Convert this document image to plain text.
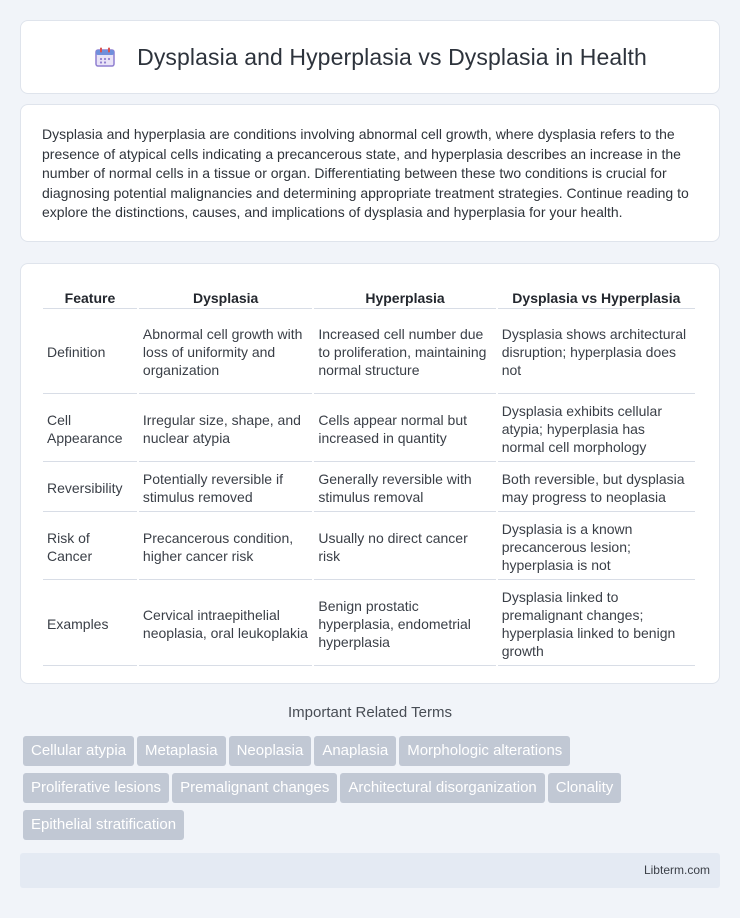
Dysplasia and Hyperplasia vs Dysplasia in Health

Dysplasia and hyperplasia are conditions involving abnormal cell growth, where dysplasia refers to the presence of atypical cells indicating a precancerous state, and hyperplasia describes an increase in the number of normal cells in a tissue or organ. Differentiating between these two conditions is crucial for diagnosing potential malignancies and determining appropriate treatment strategies. Continue reading to explore the distinctions, causes, and implications of dysplasia and hyperplasia for your health.

Feature	Dysplasia	Hyperplasia	Dysplasia vs Hyperplasia
Definition	Abnormal cell growth with loss of uniformity and organization	Increased cell number due to proliferation, maintaining normal structure	Dysplasia shows architectural disruption; hyperplasia does not
Cell Appearance	Irregular size, shape, and nuclear atypia	Cells appear normal but increased in quantity	Dysplasia exhibits cellular atypia; hyperplasia has normal cell morphology
Reversibility	Potentially reversible if stimulus removed	Generally reversible with stimulus removal	Both reversible, but dysplasia may progress to neoplasia
Risk of Cancer	Precancerous condition, higher cancer risk	Usually no direct cancer risk	Dysplasia is a known precancerous lesion; hyperplasia is not
Examples	Cervical intraepithelial neoplasia, oral leukoplakia	Benign prostatic hyperplasia, endometrial hyperplasia	Dysplasia linked to premalignant changes; hyperplasia linked to benign growth
Important Related Terms
Cellular atypia Metaplasia Neoplasia Anaplasia Morphologic alterations
Proliferative lesions Premalignant changes Architectural disorganization Clonality
Epithelial stratification
Libterm.com
